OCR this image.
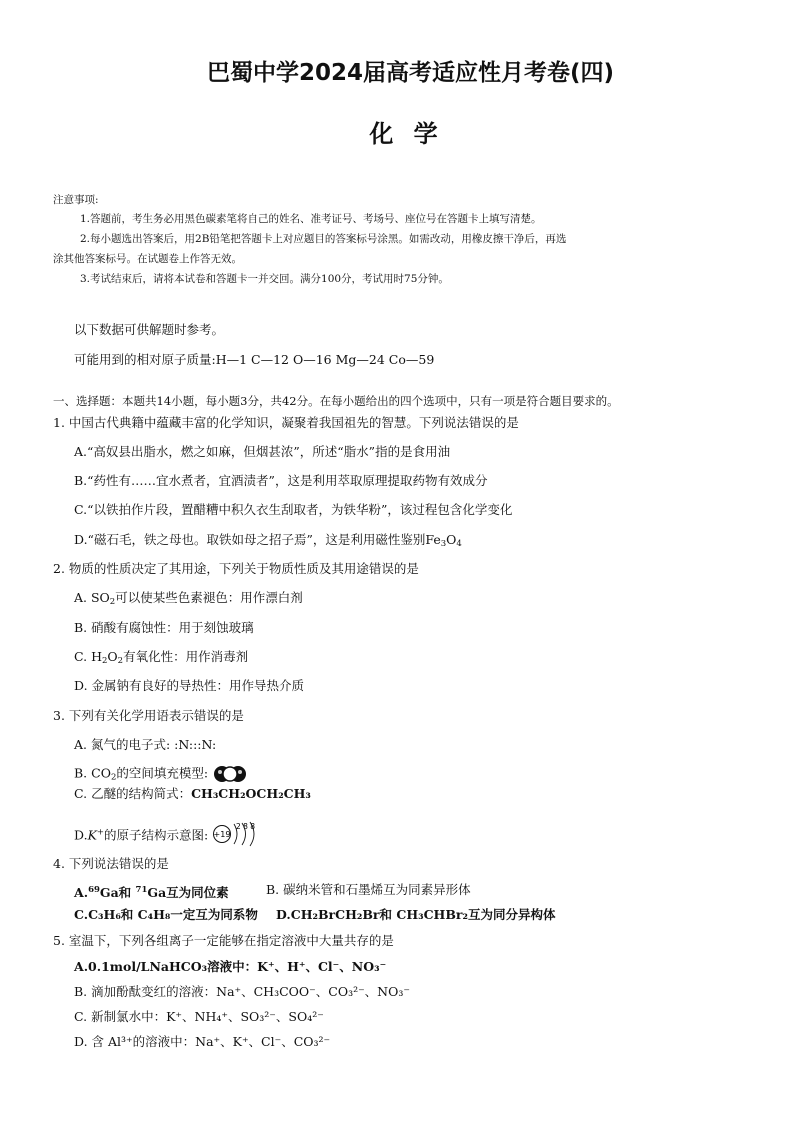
巴蜀中学2024届高考适应性月考卷(四)
化 学
注意事项:
1.答题前，考生务必用黑色碳素笔将自己的姓名、准考证号、考场号、座位号在答题卡上填写清楚。
2.每小题选出答案后，用2B铅笔把答题卡上对应题目的答案标号涂黑。如需改动，用橡皮擦干净后，再选
涂其他答案标号。在试题卷上作答无效。
3.考试结束后，请将本试卷和答题卡一并交回。满分100分，考试用时75分钟。
以下数据可供解题时参考。
可能用到的相对原子质量:H—1 C—12 O—16 Mg—24 Co—59
一、选择题：本题共14小题，每小题3分，共42分。在每小题给出的四个选项中，只有一项是符合题目要求的。
1. 中国古代典籍中蕴藏丰富的化学知识，凝聚着我国祖先的智慧。下列说法错误的是
A.“高奴县出脂水，燃之如麻，但烟甚浓”，所述“脂水”指的是食用油
B.“药性有……宜水煮者，宜酒渍者”，这是利用萃取原理提取药物有效成分
C.“以铁拍作片段，置醋糟中积久衣生刮取者，为铁华粉”，该过程包含化学变化
D.“磁石毛，铁之母也。取铁如母之招子焉”，这是利用磁性鉴别$Fe_3O_4$
2. 物质的性质决定了其用途，下列关于物质性质及其用途错误的是
A. $SO_2$可以使某些色素褪色：用作漂白剂
B. 硝酸有腐蚀性：用于刻蚀玻璃
C. $H_2O_2$有氧化性：用作消毒剂
D. 金属钠有良好的导热性：用作导热介质
3. 下列有关化学用语表示错误的是
A. 氮气的电子式: :N:::N:
B. $CO_2$的空间填充模型:
C. 乙醚的结构简式：CH₃CH₂OCH₂CH₃
D.K+的原子结构示意图: +19
2 8 8
4. 下列说法错误的是
A.$^{69}$Ga和 $^{71}$Ga互为同位素	B. 碳纳米管和石墨烯互为同素异形体
C.C₃H₆和 C₄H₈一定互为同系物 D.CH₂BrCH₂Br和 CH₃CHBr₂互为同分异构体
5. 室温下，下列各组离子一定能够在指定溶液中大量共存的是
A.0.1mol/LNaHCO₃溶液中：K⁺、H⁺、Cl⁻、NO₃⁻
B. 滴加酚酞变红的溶液：Na⁺、CH₃COO⁻、CO₃²⁻、NO₃⁻
C. 新制氯水中：K⁺、NH₄⁺、SO₃²⁻、SO₄²⁻
D. 含 Al³⁺的溶液中：Na⁺、K⁺、Cl⁻、CO₃²⁻
